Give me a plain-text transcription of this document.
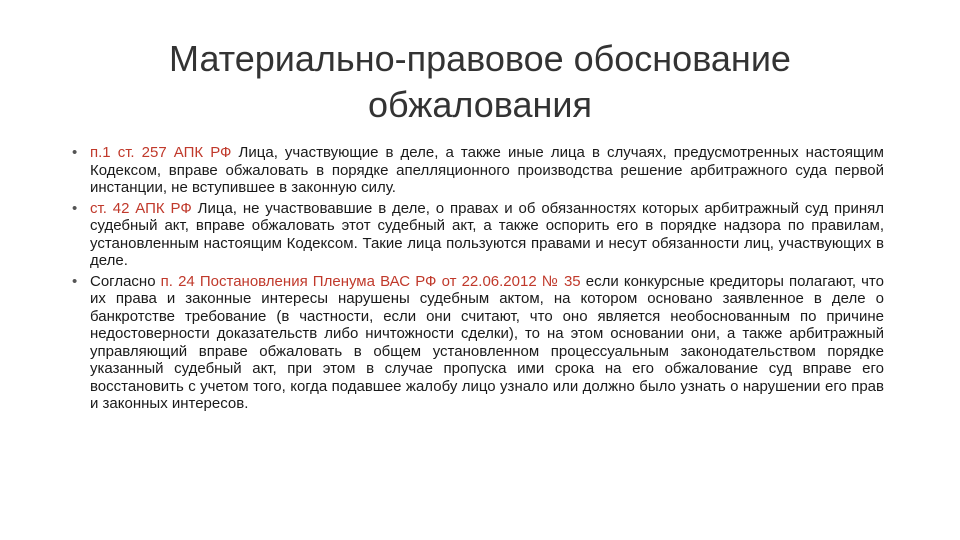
Материально-правовое обоснование
обжалования
• п.1 ст. 257 АПК РФ Лица, участвующие в деле, а также иные лица в случаях, предусмотренных настоящим Кодексом, вправе обжаловать в порядке апелляционного производства решение арбитражного суда первой инстанции, не вступившее в законную силу.
• ст. 42 АПК РФ Лица, не участвовавшие в деле, о правах и об обязанностях которых арбитражный суд принял судебный акт, вправе обжаловать этот судебный акт, а также оспорить его в порядке надзора по правилам, установленным настоящим Кодексом. Такие лица пользуются правами и несут обязанности лиц, участвующих в деле.
• Согласно п. 24 Постановления Пленума ВАС РФ от 22.06.2012 № 35 если конкурсные кредиторы полагают, что их права и законные интересы нарушены судебным актом, на котором основано заявленное в деле о банкротстве требование (в частности, если они считают, что оно является необоснованным по причине недостоверности доказательств либо ничтожности сделки), то на этом основании они, а также арбитражный управляющий вправе обжаловать в общем установленном процессуальным законодательством порядке указанный судебный акт, при этом в случае пропуска ими срока на его обжалование суд вправе его восстановить с учетом того, когда подавшее жалобу лицо узнало или должно было узнать о нарушении его прав и законных интересов.
